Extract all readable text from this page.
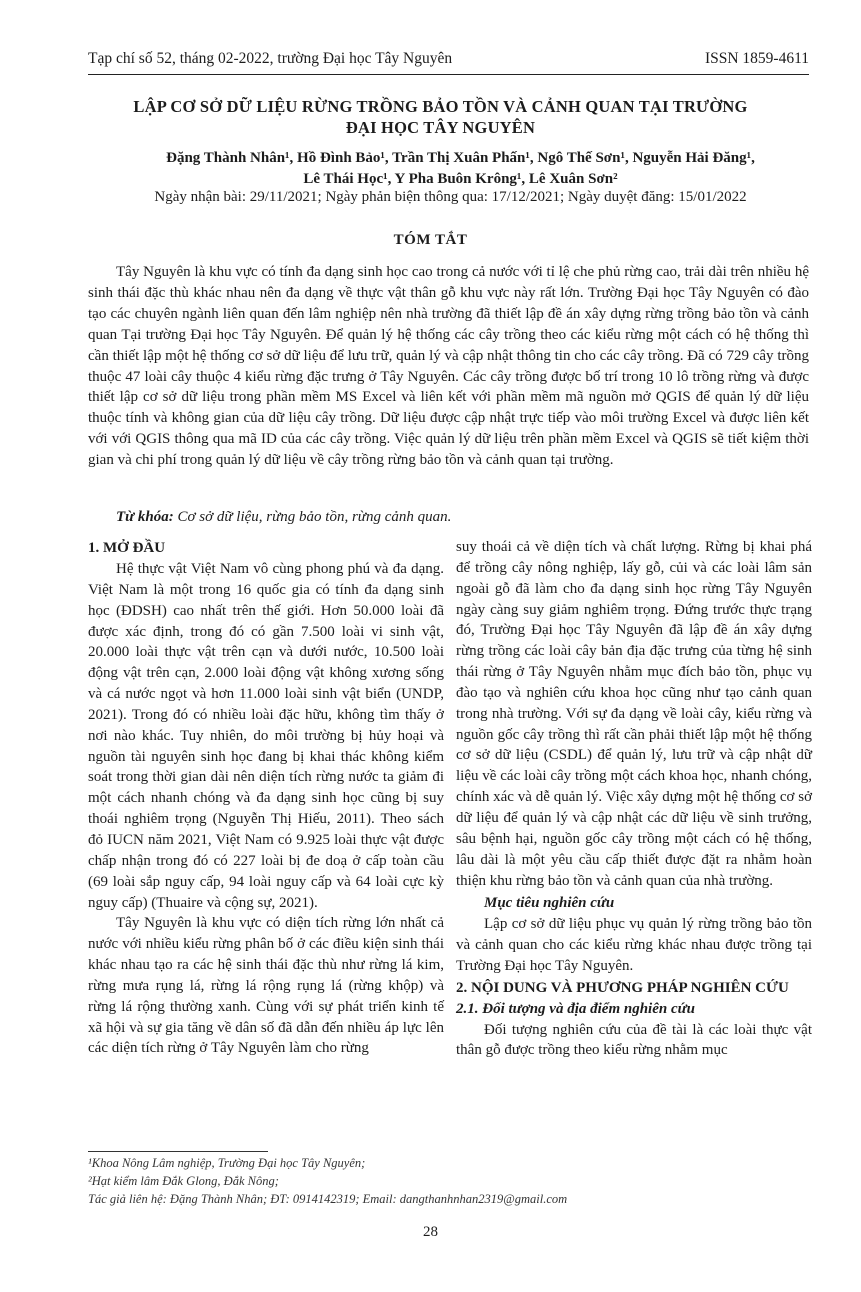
Tạp chí số 52, tháng 02-2022, trường Đại học Tây Nguyên	ISSN 1859-4611
LẬP CƠ SỞ DỮ LIỆU RỪNG TRỒNG BẢO TỒN VÀ CẢNH QUAN TẠI TRƯỜNG
ĐẠI HỌC TÂY NGUYÊN
Đặng Thành Nhân¹, Hồ Đình Bảo¹, Trần Thị Xuân Phấn¹, Ngô Thế Sơn¹, Nguyễn Hải Đăng¹,
Lê Thái Học¹, Y Pha Buôn Krông¹, Lê Xuân Sơn²
Ngày nhận bài: 29/11/2021; Ngày phản biện thông qua: 17/12/2021; Ngày duyệt đăng: 15/01/2022
TÓM TẮT

Tây Nguyên là khu vực có tính đa dạng sinh học cao trong cả nước với tỉ lệ che phủ rừng cao, trải dài trên nhiều hệ sinh thái đặc thù khác nhau nên đa dạng về thực vật thân gỗ khu vực này rất lớn. Trường Đại học Tây Nguyên có đào tạo các chuyên ngành liên quan đến lâm nghiệp nên nhà trường đã thiết lập đề án xây dựng rừng trồng bảo tồn và cảnh quan Tại trường Đại học Tây Nguyên. Để quản lý hệ thống các cây trồng theo các kiểu rừng một cách có hệ thống thì cần thiết lập một hệ thống cơ sở dữ liệu để lưu trữ, quản lý và cập nhật thông tin cho các cây trồng. Đã có 729 cây trồng thuộc 47 loài cây thuộc 4 kiểu rừng đặc trưng ở Tây Nguyên. Các cây trồng được bố trí trong 10 lô trồng rừng và được thiết lập cơ sở dữ liệu trong phần mềm MS Excel và liên kết với phần mềm mã nguồn mở QGIS để quản lý dữ liệu thuộc tính và không gian của dữ liệu cây trồng. Dữ liệu được cập nhật trực tiếp vào môi trường Excel và được liên kết với với QGIS thông qua mã ID của các cây trồng. Việc quản lý dữ liệu trên phần mềm Excel và QGIS sẽ tiết kiệm thời gian và chi phí trong quản lý dữ liệu về cây trồng rừng bảo tồn và cảnh quan tại trường.

Từ khóa: Cơ sở dữ liệu, rừng bảo tồn, rừng cảnh quan.

1. MỞ ĐẦU

Hệ thực vật Việt Nam vô cùng phong phú và đa dạng. Việt Nam là một trong 16 quốc gia có tính đa dạng sinh học (ĐDSH) cao nhất trên thế giới. Hơn 50.000 loài đã được xác định, trong đó có gần 7.500 loài vi sinh vật, 20.000 loài thực vật trên cạn và dưới nước, 10.500 loài động vật trên cạn, 2.000 loài động vật không xương sống và cá nước ngọt và hơn 11.000 loài sinh vật biển (UNDP, 2021). Trong đó có nhiều loài đặc hữu, không tìm thấy ở nơi nào khác. Tuy nhiên, do môi trường bị hủy hoại và nguồn tài nguyên sinh học đang bị khai thác không kiểm soát trong thời gian dài nên diện tích rừng nước ta giảm đi một cách nhanh chóng và đa dạng sinh học cũng bị suy thoái nghiêm trọng (Nguyễn Thị Hiếu, 2011). Theo sách đỏ IUCN năm 2021, Việt Nam có 9.925 loài thực vật được chấp nhận trong đó có 227 loài bị đe doạ ở cấp toàn cầu (69 loài sắp nguy cấp, 94 loài nguy cấp và 64 loài cực kỳ nguy cấp) (Thuaire và cộng sự, 2021).

Tây Nguyên là khu vực có diện tích rừng lớn nhất cả nước với nhiều kiểu rừng phân bố ở các điều kiện sinh thái khác nhau tạo ra các hệ sinh thái đặc thù như rừng lá kim, rừng mưa rụng lá, rừng lá rộng rụng lá (rừng khộp) và rừng lá rộng thường xanh. Cùng với sự phát triển kinh tế xã hội và sự gia tăng về dân số đã dẫn đến nhiều áp lực lên các diện tích rừng ở Tây Nguyên làm cho rừng

suy thoái cả về diện tích và chất lượng. Rừng bị khai phá để trồng cây nông nghiệp, lấy gỗ, củi và các loài lâm sản ngoài gỗ đã làm cho đa dạng sinh học rừng Tây Nguyên ngày càng suy giảm nghiêm trọng. Đứng trước thực trạng đó, Trường Đại học Tây Nguyên đã lập đề án xây dựng rừng trồng các loài cây bản địa đặc trưng của từng hệ sinh thái rừng ở Tây Nguyên nhằm mục đích bảo tồn, phục vụ đào tạo và nghiên cứu khoa học cũng như tạo cảnh quan trong nhà trường. Với sự đa dạng về loài cây, kiểu rừng và nguồn gốc cây trồng thì rất cần phải thiết lập một hệ thống cơ sở dữ liệu (CSDL) để quản lý, lưu trữ và cập nhật dữ liệu về các loài cây trồng một cách khoa học, nhanh chóng, chính xác và dễ quản lý. Việc xây dựng một hệ thống cơ sở dữ liệu để quản lý và cập nhật các dữ liệu về sinh trưởng, sâu bệnh hại, nguồn gốc cây trồng một cách có hệ thống, lâu dài là một yêu cầu cấp thiết được đặt ra nhằm hoàn thiện khu rừng bảo tồn và cảnh quan của nhà trường.

Mục tiêu nghiên cứu

Lập cơ sở dữ liệu phục vụ quản lý rừng trồng bảo tồn và cảnh quan cho các kiểu rừng khác nhau được trồng tại Trường Đại học Tây Nguyên.

2. NỘI DUNG VÀ PHƯƠNG PHÁP NGHIÊN CỨU
2.1. Đối tượng và địa điểm nghiên cứu

Đối tượng nghiên cứu của đề tài là các loài thực vật thân gỗ được trồng theo kiểu rừng nhằm mục

¹Khoa Nông Lâm nghiệp, Trường Đại học Tây Nguyên;
²Hạt kiểm lâm Đắk Glong, Đắk Nông;
Tác giả liên hệ: Đặng Thành Nhân; ĐT: 0914142319; Email: dangthanhnhan2319@gmail.com
28
